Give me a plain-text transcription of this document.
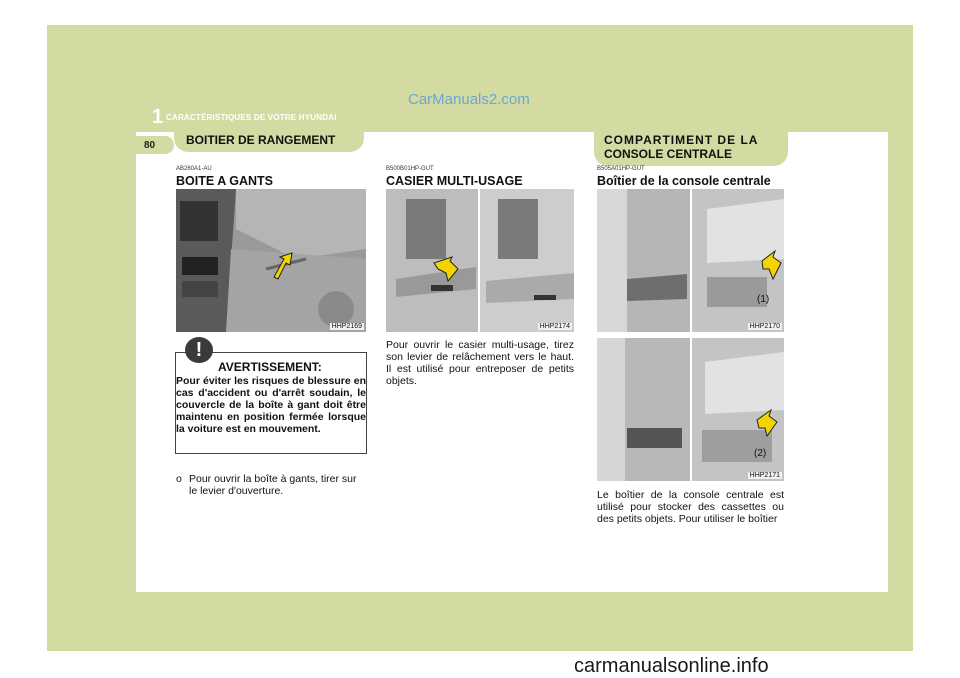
CarManuals2.com
1 CARACTÉRISTIQUES DE VOTRE HYUNDAI
80	BOITIER DE RANGEMENT	COMPARTIMENT DE LA
CONSOLE CENTRALE
AB260A1-AU
BOITE A GANTS
HHP2169
!
AVERTISSEMENT:
Pour éviter les risques de blessure en cas d'accident ou d'arrêt soudain, le couvercle de la boîte à gant doit être maintenu en position fermée lorsque la voiture est en mouvement.
o Pour ouvrir la boîte à gants, tirer sur le levier d'ouverture.
B500B01HP-GUT
CASIER MULTI-USAGE
HHP2174
Pour ouvrir le casier multi-usage, tirez son levier de relâchement vers le haut. Il est utilisé pour entreposer de petits objets.
B505A01HP-GUT
Boîtier de la console centrale
(1)
HHP2170
(2)
HHP2171
Le boîtier de la console centrale est utilisé pour stocker des cassettes ou des petits objets. Pour utiliser le boîtier
carmanualsonline.info
